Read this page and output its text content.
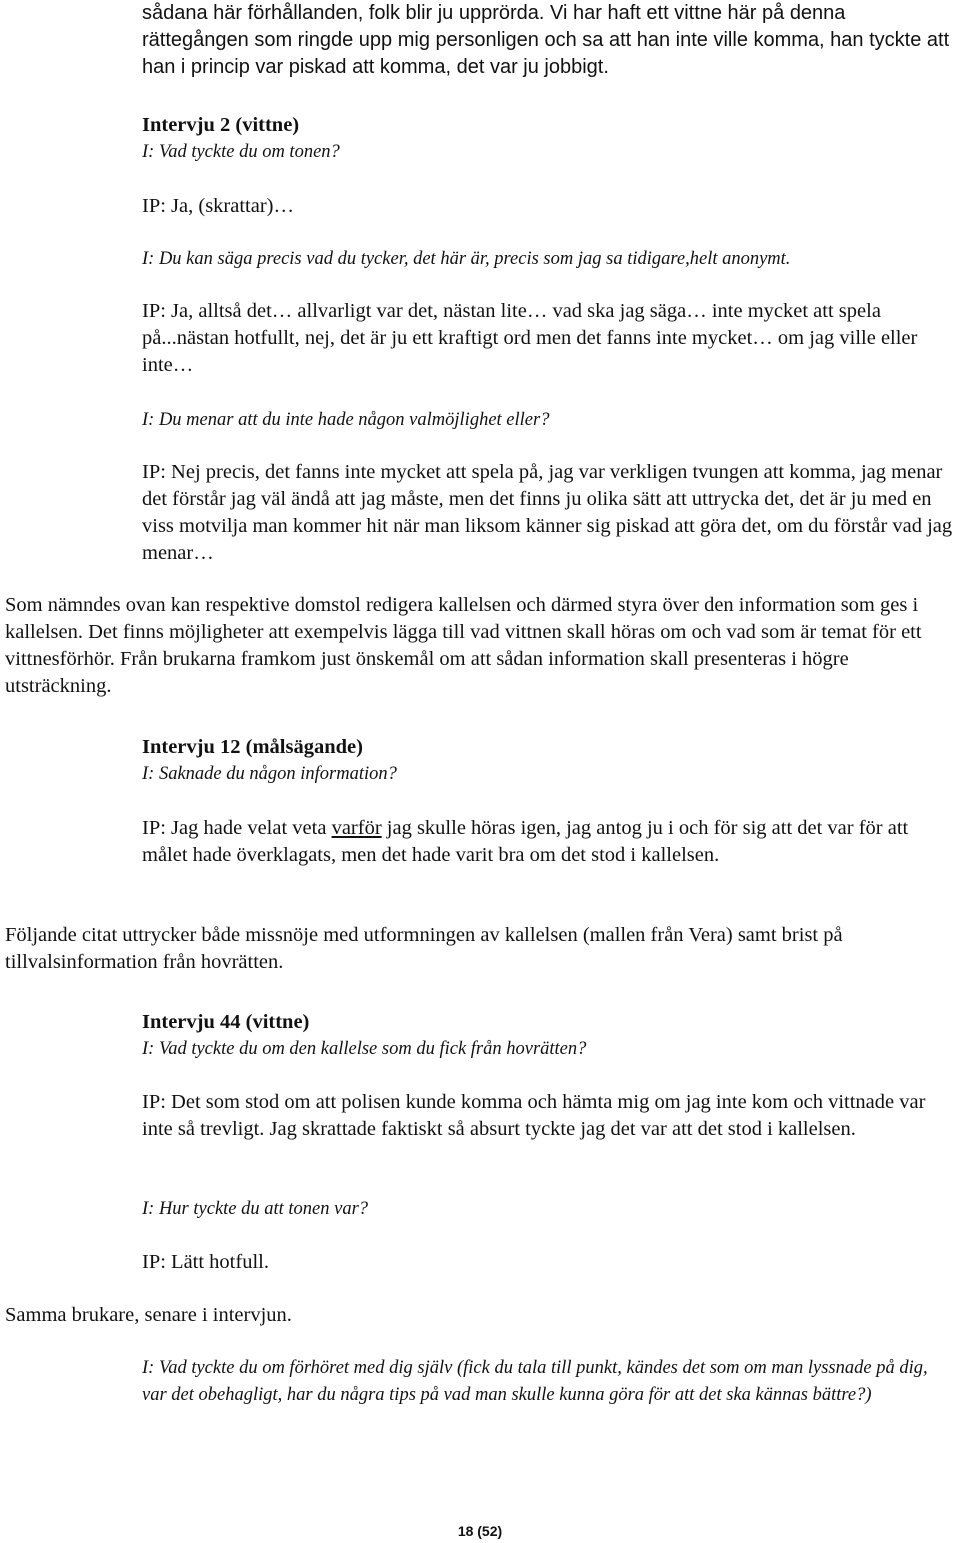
sådana här förhållanden, folk blir ju upprörda. Vi har haft ett vittne här på denna rättegången som ringde upp mig personligen och sa att han inte ville komma, han tyckte att han i princip var piskad att komma, det var ju jobbigt.

Intervju 2 (vittne)

I: Vad tyckte du om tonen?

IP: Ja, (skrattar)…

I: Du kan säga precis vad du tycker, det här är, precis som jag sa tidigare,helt anonymt.

IP: Ja, alltså det… allvarligt var det, nästan lite… vad ska jag säga… inte mycket att spela på...nästan hotfullt, nej, det är ju ett kraftigt ord men det fanns inte mycket… om jag ville eller inte…

I: Du menar att du inte hade någon valmöjlighet eller?

IP: Nej precis, det fanns inte mycket att spela på, jag var verkligen tvungen att komma, jag menar det förstår jag väl ändå att jag måste, men det finns ju olika sätt att uttrycka det, det är ju med en viss motvilja man kommer hit när man liksom känner sig piskad att göra det, om du förstår vad jag menar…

Som nämndes ovan kan respektive domstol redigera kallelsen och därmed styra över den information som ges i kallelsen. Det finns möjligheter att exempelvis lägga till vad vittnen skall höras om och vad som är temat för ett vittnesförhör. Från brukarna framkom just önskemål om att sådan information skall presenteras i högre utsträckning.

Intervju 12 (målsägande)

I: Saknade du någon information?

IP: Jag hade velat veta varför jag skulle höras igen, jag antog ju i och för sig att det var för att målet hade överklagats, men det hade varit bra om det stod i kallelsen.

Följande citat uttrycker både missnöje med utformningen av kallelsen (mallen från Vera) samt brist på tillvalsinformation från hovrätten.

Intervju 44 (vittne)

I: Vad tyckte du om den kallelse som du fick från hovrätten?

IP: Det som stod om att polisen kunde komma och hämta mig om jag inte kom och vittnade var inte så trevligt. Jag skrattade faktiskt så absurt tyckte jag det var att det stod i kallelsen.

I: Hur tyckte du att tonen var?

IP: Lätt hotfull.

Samma brukare, senare i intervjun.

I: Vad tyckte du om förhöret med dig själv (fick du tala till punkt, kändes det som om man lyssnade på dig, var det obehagligt, har du några tips på vad man skulle kunna göra för att det ska kännas bättre?)

18 (52)
